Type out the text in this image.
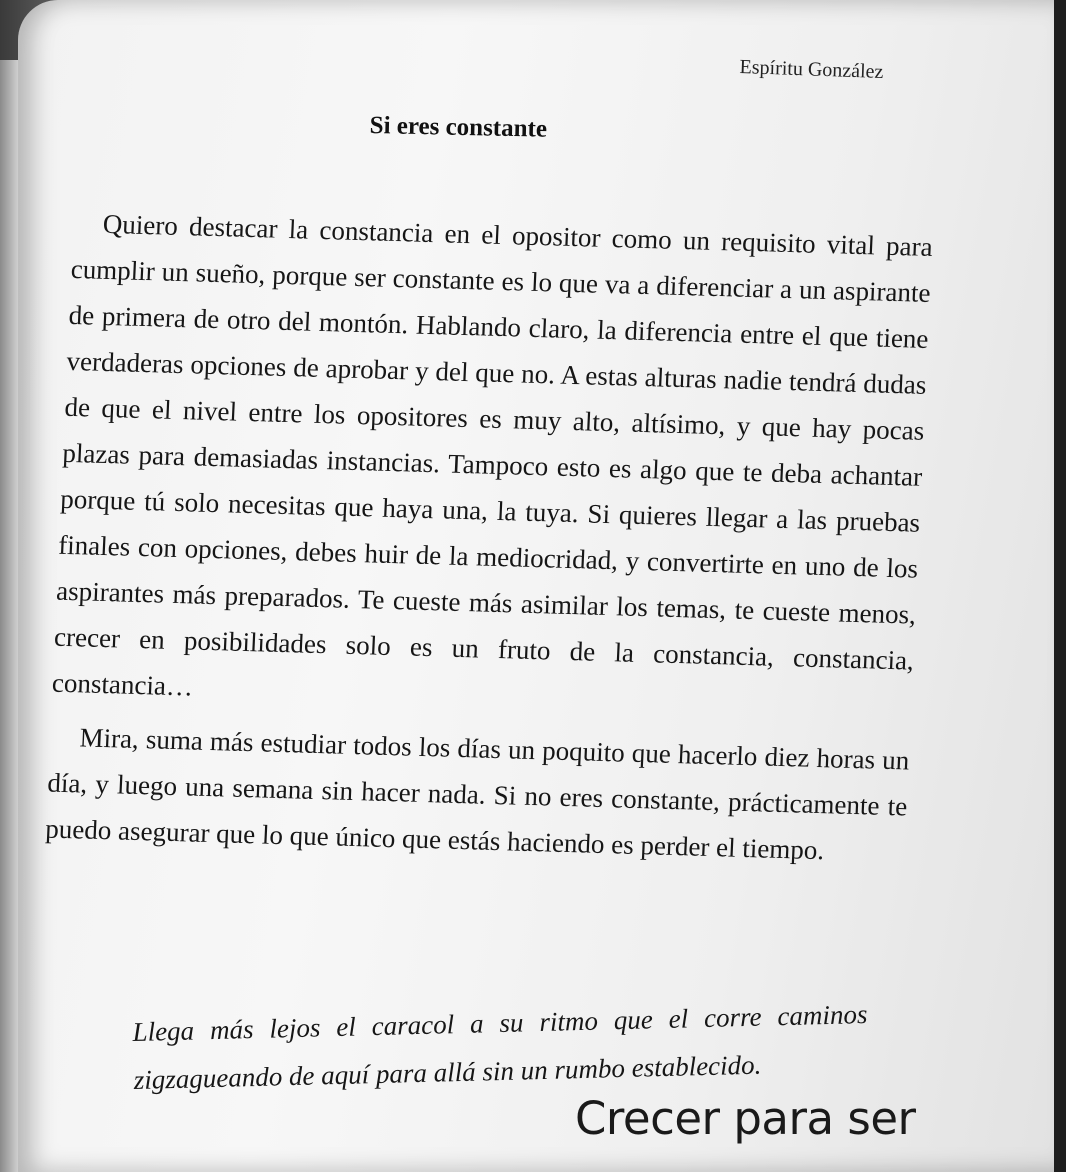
Espíritu González
Si eres constante

Quiero destacar la constancia en el opositor como un requisito vital para cumplir un sueño, porque ser constante es lo que va a diferenciar a un aspirante de primera de otro del montón. Hablando claro, la diferencia entre el que tiene verdaderas opciones de aprobar y del que no. A estas alturas nadie tendrá dudas de que el nivel entre los opositores es muy alto, altísimo, y que hay pocas plazas para demasiadas instancias. Tampoco esto es algo que te deba achantar porque tú solo necesitas que haya una, la tuya. Si quieres llegar a las pruebas finales con opciones, debes huir de la mediocridad, y convertirte en uno de los aspirantes más preparados. Te cueste más asimilar los temas, te cueste menos, crecer en posibilidades solo es un fruto de la constancia, constancia, constancia…

Mira, suma más estudiar todos los días un poquito que hacerlo diez horas un día, y luego una semana sin hacer nada. Si no eres constante, prácticamente te puedo asegurar que lo que único que estás haciendo es perder el tiempo.

Llega más lejos el caracol a su ritmo que el corre caminos zigzagueando de aquí para allá sin un rumbo establecido.
Crecer para ser
